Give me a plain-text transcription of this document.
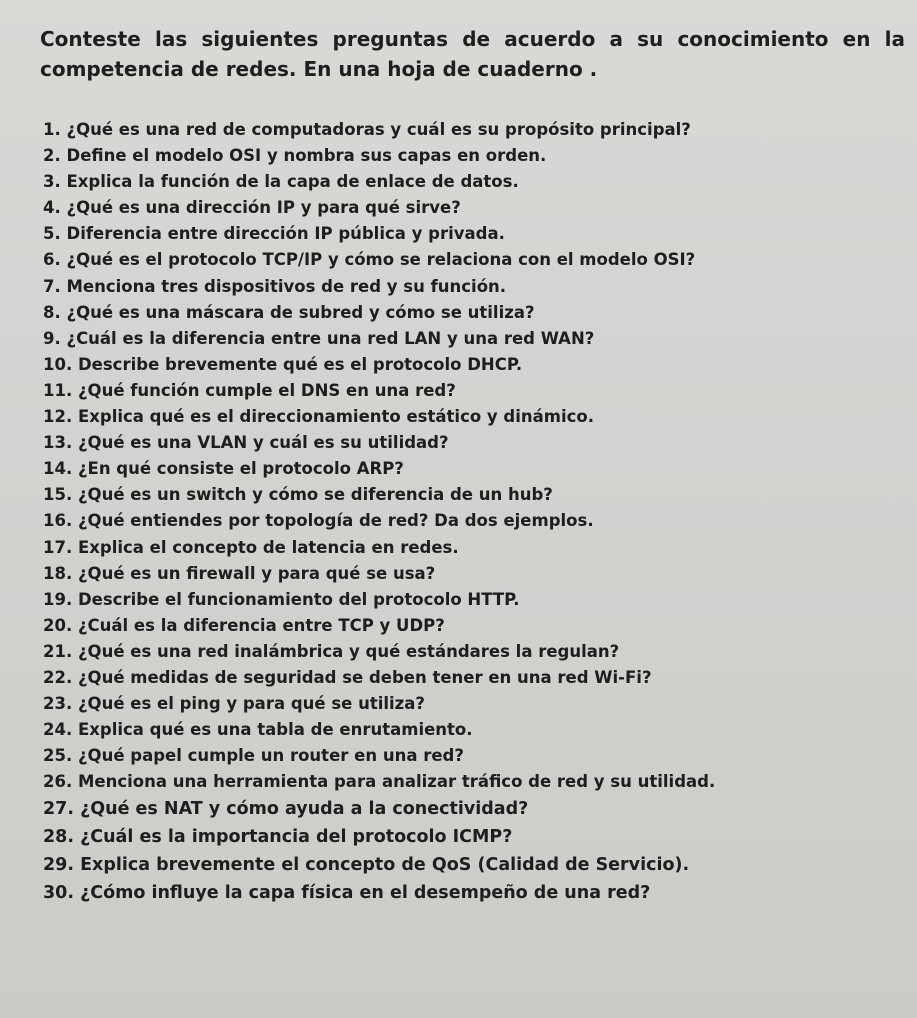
Conteste las siguientes preguntas de acuerdo a su conocimiento en la
competencia de redes. En una hoja de cuaderno .
1. ¿Qué es una red de computadoras y cuál es su propósito principal?
2. Define el modelo OSI y nombra sus capas en orden.
3. Explica la función de la capa de enlace de datos.
4. ¿Qué es una dirección IP y para qué sirve?
5. Diferencia entre dirección IP pública y privada.
6. ¿Qué es el protocolo TCP/IP y cómo se relaciona con el modelo OSI?
7. Menciona tres dispositivos de red y su función.
8. ¿Qué es una máscara de subred y cómo se utiliza?
9. ¿Cuál es la diferencia entre una red LAN y una red WAN?
10. Describe brevemente qué es el protocolo DHCP.
11. ¿Qué función cumple el DNS en una red?
12. Explica qué es el direccionamiento estático y dinámico.
13. ¿Qué es una VLAN y cuál es su utilidad?
14. ¿En qué consiste el protocolo ARP?
15. ¿Qué es un switch y cómo se diferencia de un hub?
16. ¿Qué entiendes por topología de red? Da dos ejemplos.
17. Explica el concepto de latencia en redes.
18. ¿Qué es un firewall y para qué se usa?
19. Describe el funcionamiento del protocolo HTTP.
20. ¿Cuál es la diferencia entre TCP y UDP?
21. ¿Qué es una red inalámbrica y qué estándares la regulan?
22. ¿Qué medidas de seguridad se deben tener en una red Wi-Fi?
23. ¿Qué es el ping y para qué se utiliza?
24. Explica qué es una tabla de enrutamiento.
25. ¿Qué papel cumple un router en una red?
26. Menciona una herramienta para analizar tráfico de red y su utilidad.
27. ¿Qué es NAT y cómo ayuda a la conectividad?
28. ¿Cuál es la importancia del protocolo ICMP?
29. Explica brevemente el concepto de QoS (Calidad de Servicio).
30. ¿Cómo influye la capa física en el desempeño de una red?
